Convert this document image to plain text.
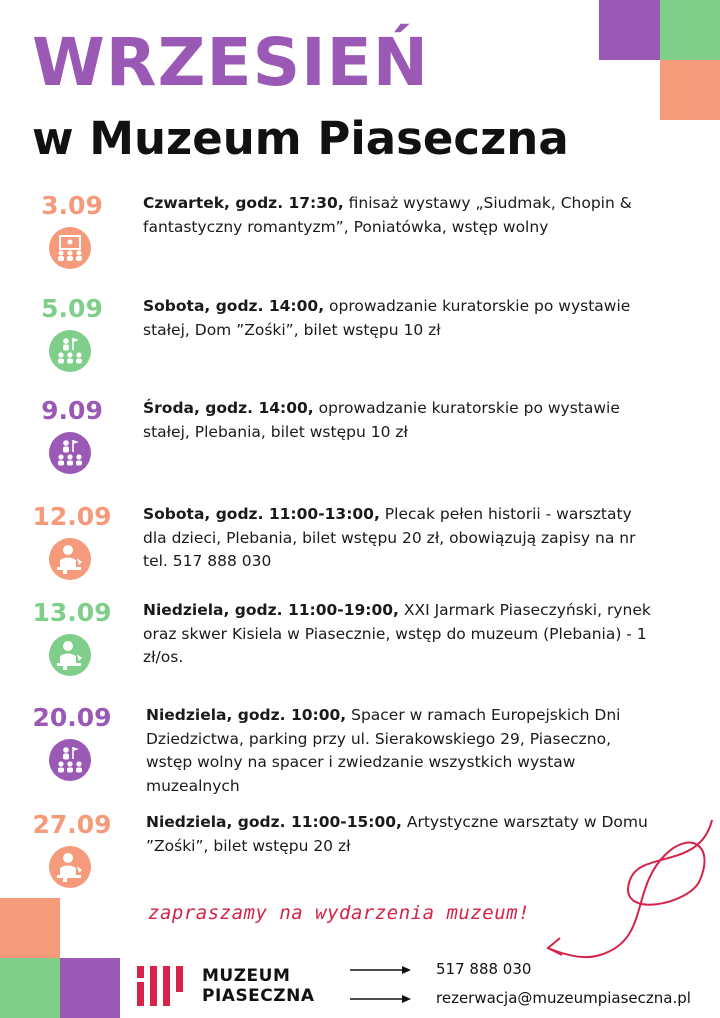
WRZESIEŃ
w Muzeum Piaseczna
3.09	Czwartek, godz. 17:30, finisaż wystawy „Siudmak, Chopin & fantastyczny romantyzm”, Poniatówka, wstęp wolny
5.09	Sobota, godz. 14:00, oprowadzanie kuratorskie po wystawie stałej, Dom ”Zośki”, bilet wstępu 10 zł
9.09	Środa, godz. 14:00, oprowadzanie kuratorskie po wystawie stałej, Plebania, bilet wstępu 10 zł
12.09	Sobota, godz. 11:00-13:00, Plecak pełen historii - warsztaty dla dzieci, Plebania, bilet wstępu 20 zł, obowiązują zapisy na nr tel. 517 888 030
13.09	Niedziela, godz. 11:00-19:00, XXI Jarmark Piaseczyński, rynek oraz skwer Kisiela w Piasecznie, wstęp do muzeum (Plebania) - 1 zł/os.
20.09	Niedziela, godz. 10:00, Spacer w ramach Europejskich Dni Dziedzictwa, parking przy ul. Sierakowskiego 29, Piaseczno, wstęp wolny na spacer i zwiedzanie wszystkich wystaw muzealnych
27.09	Niedziela, godz. 11:00-15:00, Artystyczne warsztaty w Domu ”Zośki”, bilet wstępu 20 zł
zapraszamy na wydarzenia muzeum!
MUZEUM
PIASECZNA
517 888 030
rezerwacja@muzeumpiaseczna.pl
